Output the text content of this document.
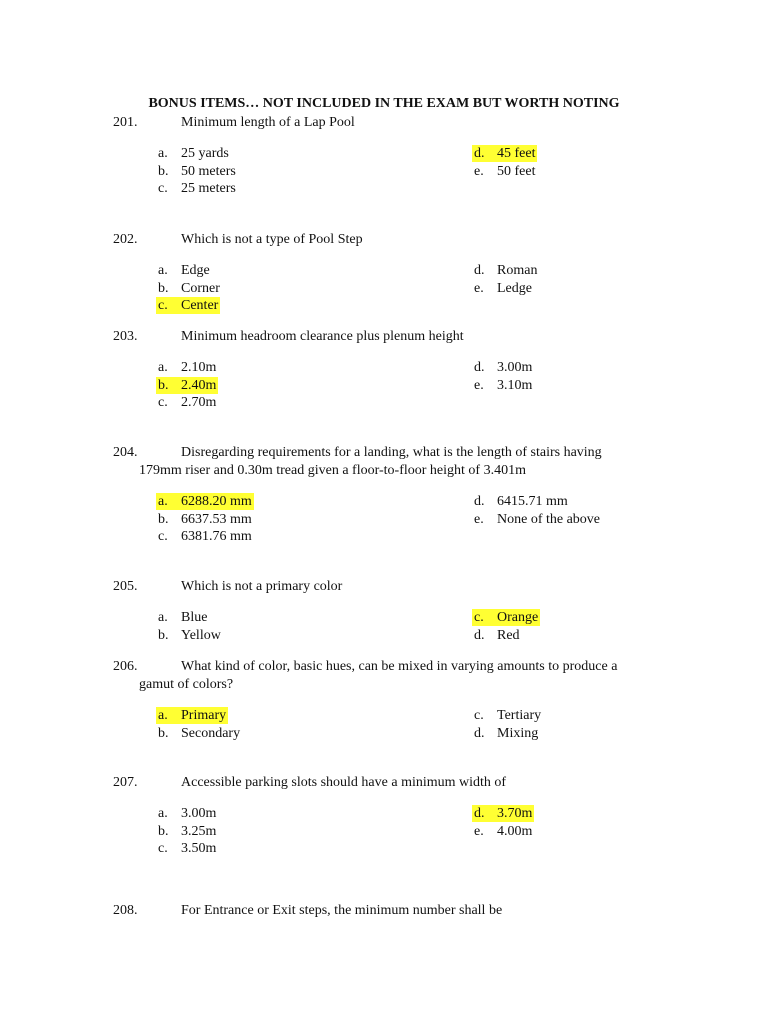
BONUS ITEMS… NOT INCLUDED IN THE EXAM BUT WORTH NOTING
201.	Minimum length of a Lap Pool
a. 25 yards
b. 50 meters
c. 25 meters
d. 45 feet
e. 50 feet
202.	Which is not a type of Pool Step
a. Edge
b. Corner
c. Center
d. Roman
e. Ledge
203.	Minimum headroom clearance plus plenum height
a. 2.10m
b. 2.40m
c. 2.70m
d. 3.00m
e. 3.10m
204.	Disregarding requirements for a landing, what is the length of stairs having
179mm riser and 0.30m tread given a floor-to-floor height of 3.401m
a. 6288.20 mm
b. 6637.53 mm
c. 6381.76 mm
d. 6415.71 mm
e. None of the above
205.	Which is not a primary color
a. Blue
b. Yellow
c. Orange
d. Red
206.	What kind of color, basic hues, can be mixed in varying amounts to produce a
gamut of colors?
a. Primary
b. Secondary
c. Tertiary
d. Mixing
207.	Accessible parking slots should have a minimum width of
a. 3.00m
b. 3.25m
c. 3.50m
d. 3.70m
e. 4.00m
208.	For Entrance or Exit steps, the minimum number shall be
